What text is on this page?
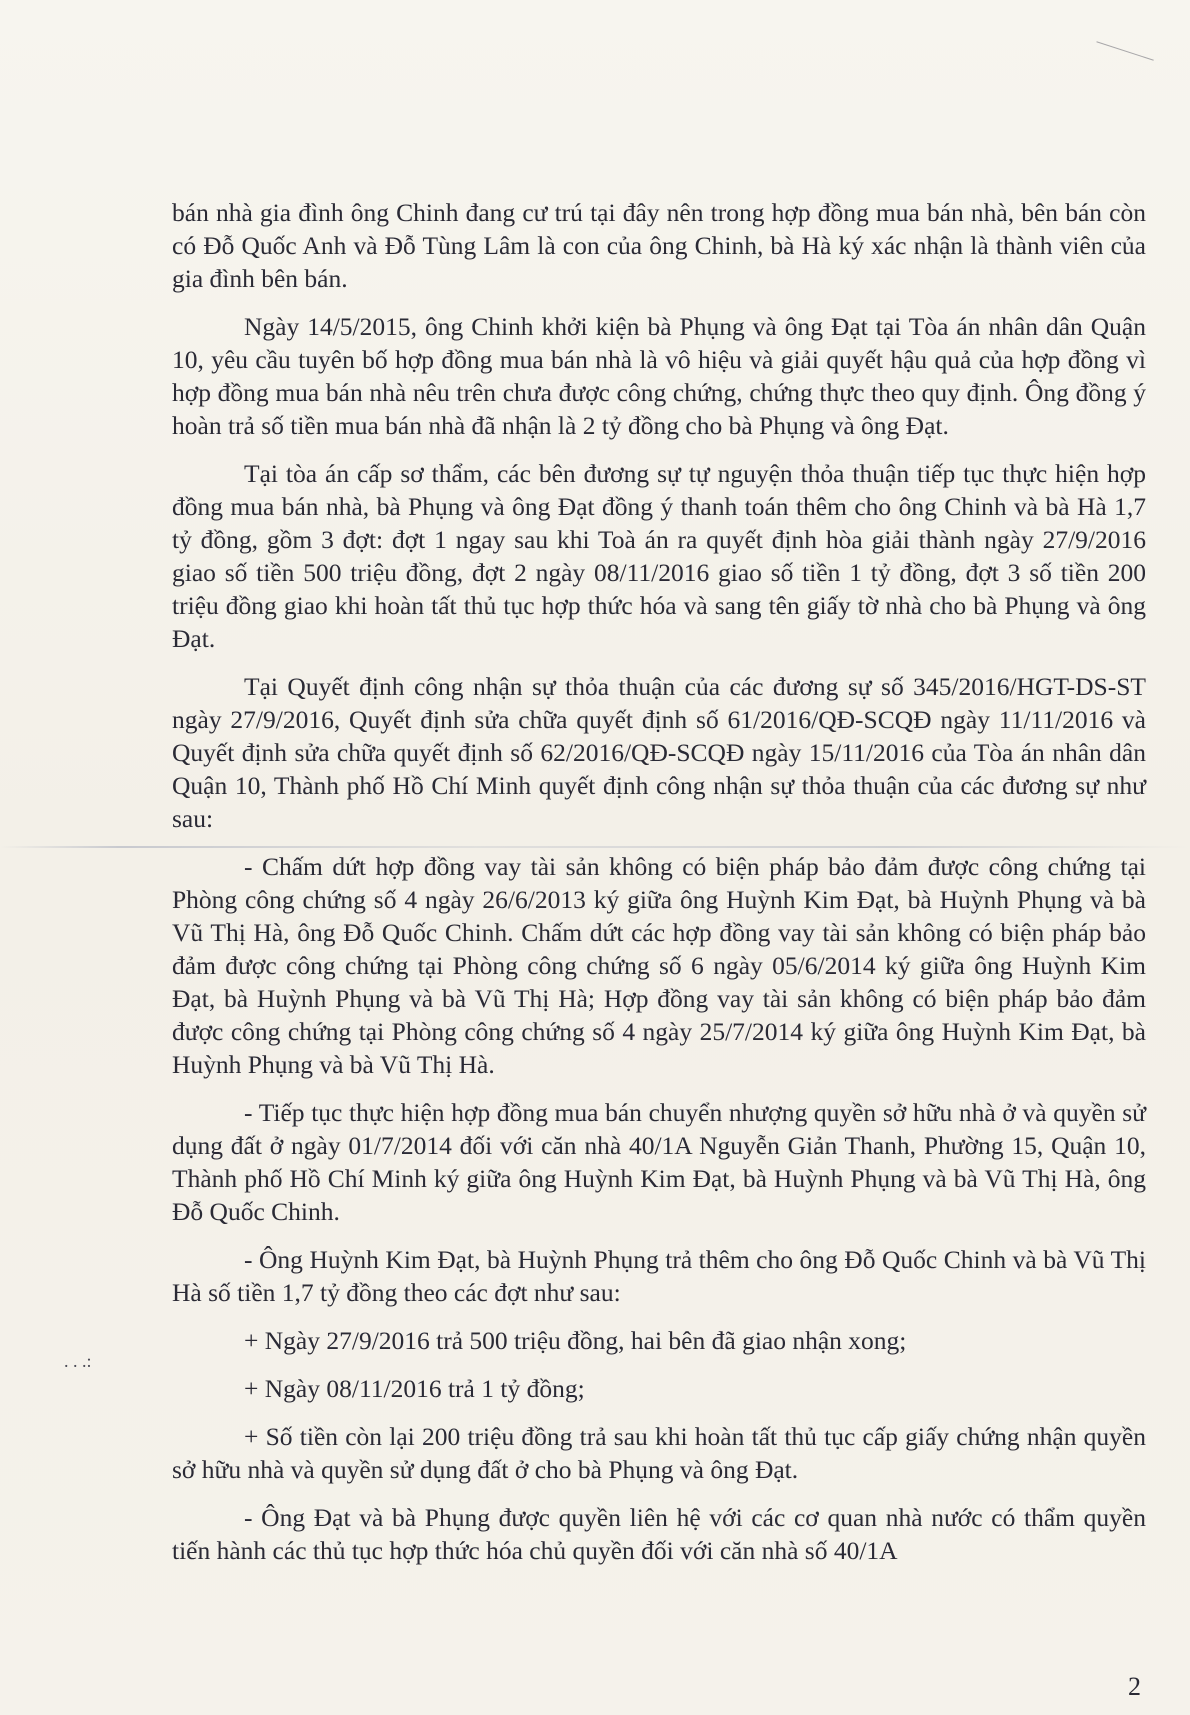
. . .:

bán nhà gia đình ông Chinh đang cư trú tại đây nên trong hợp đồng mua bán nhà, bên bán còn có Đỗ Quốc Anh và Đỗ Tùng Lâm là con của ông Chinh, bà Hà ký xác nhận là thành viên của gia đình bên bán.

Ngày 14/5/2015, ông Chinh khởi kiện bà Phụng và ông Đạt tại Tòa án nhân dân Quận 10, yêu cầu tuyên bố hợp đồng mua bán nhà là vô hiệu và giải quyết hậu quả của hợp đồng vì hợp đồng mua bán nhà nêu trên chưa được công chứng, chứng thực theo quy định. Ông đồng ý hoàn trả số tiền mua bán nhà đã nhận là 2 tỷ đồng cho bà Phụng và ông Đạt.

Tại tòa án cấp sơ thẩm, các bên đương sự tự nguyện thỏa thuận tiếp tục thực hiện hợp đồng mua bán nhà, bà Phụng và ông Đạt đồng ý thanh toán thêm cho ông Chinh và bà Hà 1,7 tỷ đồng, gồm 3 đợt: đợt 1 ngay sau khi Toà án ra quyết định hòa giải thành ngày 27/9/2016 giao số tiền 500 triệu đồng, đợt 2 ngày 08/11/2016 giao số tiền 1 tỷ đồng, đợt 3 số tiền 200 triệu đồng giao khi hoàn tất thủ tục hợp thức hóa và sang tên giấy tờ nhà cho bà Phụng và ông Đạt.

Tại Quyết định công nhận sự thỏa thuận của các đương sự số 345/2016/HGT-DS-ST ngày 27/9/2016, Quyết định sửa chữa quyết định số 61/2016/QĐ-SCQĐ ngày 11/11/2016 và Quyết định sửa chữa quyết định số 62/2016/QĐ-SCQĐ ngày 15/11/2016 của Tòa án nhân dân Quận 10, Thành phố Hồ Chí Minh quyết định công nhận sự thỏa thuận của các đương sự như sau:

- Chấm dứt hợp đồng vay tài sản không có biện pháp bảo đảm được công chứng tại Phòng công chứng số 4 ngày 26/6/2013 ký giữa ông Huỳnh Kim Đạt, bà Huỳnh Phụng và bà Vũ Thị Hà, ông Đỗ Quốc Chinh. Chấm dứt các hợp đồng vay tài sản không có biện pháp bảo đảm được công chứng tại Phòng công chứng số 6 ngày 05/6/2014 ký giữa ông Huỳnh Kim Đạt, bà Huỳnh Phụng và bà Vũ Thị Hà; Hợp đồng vay tài sản không có biện pháp bảo đảm được công chứng tại Phòng công chứng số 4 ngày 25/7/2014 ký giữa ông Huỳnh Kim Đạt, bà Huỳnh Phụng và bà Vũ Thị Hà.

- Tiếp tục thực hiện hợp đồng mua bán chuyển nhượng quyền sở hữu nhà ở và quyền sử dụng đất ở ngày 01/7/2014 đối với căn nhà 40/1A Nguyễn Giản Thanh, Phường 15, Quận 10, Thành phố Hồ Chí Minh ký giữa ông Huỳnh Kim Đạt, bà Huỳnh Phụng và bà Vũ Thị Hà, ông Đỗ Quốc Chinh.

- Ông Huỳnh Kim Đạt, bà Huỳnh Phụng trả thêm cho ông Đỗ Quốc Chinh và bà Vũ Thị Hà số tiền 1,7 tỷ đồng theo các đợt như sau:

+ Ngày 27/9/2016 trả 500 triệu đồng, hai bên đã giao nhận xong;

+ Ngày 08/11/2016 trả 1 tỷ đồng;

+ Số tiền còn lại 200 triệu đồng trả sau khi hoàn tất thủ tục cấp giấy chứng nhận quyền sở hữu nhà và quyền sử dụng đất ở cho bà Phụng và ông Đạt.

- Ông Đạt và bà Phụng được quyền liên hệ với các cơ quan nhà nước có thẩm quyền tiến hành các thủ tục hợp thức hóa chủ quyền đối với căn nhà số 40/1A

2
